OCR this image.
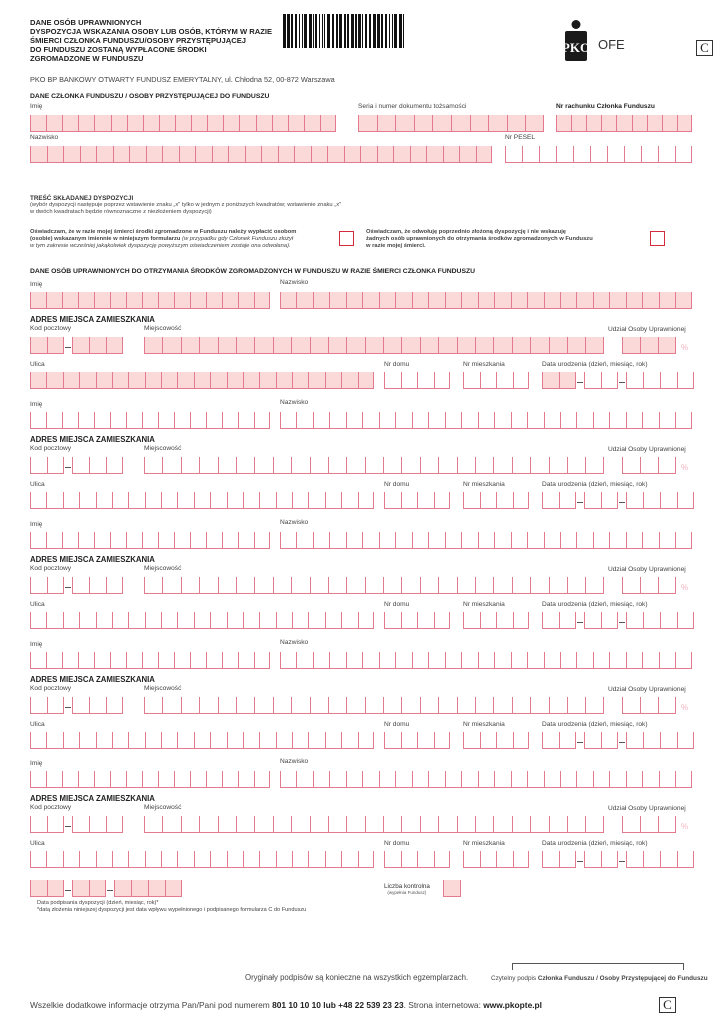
PKO OFE	C
DANE OSÓB UPRAWNIONYCH
DYSPOZYCJA WSKAZANIA OSOBY LUB OSÓB, KTÓRYM W RAZIE
ŚMIERCI CZŁONKA FUNDUSZU/OSOBY PRZYSTĘPUJĄCEJ
DO FUNDUSZU ZOSTANĄ WYPŁACONE ŚRODKI
ZGROMADZONE W FUNDUSZU
PKO BP BANKOWY OTWARTY FUNDUSZ EMERYTALNY, ul. Chłodna 52, 00-872 Warszawa
DANE CZŁONKA FUNDUSZU / OSOBY PRZYSTĘPUJĄCEJ DO FUNDUSZU
Imię	Seria i numer dokumentu tożsamości	Nr rachunku Członka Funduszu
Nazwisko	Nr PESEL
TREŚĆ SKŁADANEJ DYSPOZYCJI
(wybór dyspozycji następuje poprzez wstawienie znaku „x" tylko w jednym z poniższych kwadratów; wstawienie znaku „x"
w dwóch kwadratach będzie równoznaczne z niezłożeniem dyspozycji)
Oświadczam, że w razie mojej śmierci środki zgromadzone w Funduszu należy wypłacić osobom
(osobie) wskazanym imiennie w niniejszym formularzu (w przypadku gdy Członek Funduszu złożył
w tym zakresie wcześniej jakąkolwiek dyspozycję powyższym oświadczeniem zostaje ona odwołana).
Oświadczam, że odwołuję poprzednio złożoną dyspozycję i nie wskazuję
żadnych osób uprawnionych do otrzymania środków zgromadzonych w Funduszu
w razie mojej śmierci.
DANE OSÓB UPRAWNIONYCH DO OTRZYMANIA ŚRODKÓW ZGROMADZONYCH W FUNDUSZU W RAZIE ŚMIERCI CZŁONKA FUNDUSZU
Imię	Nazwisko
ADRES MIEJSCA ZAMIESZKANIA
Kod pocztowy	Miejscowość	Udział Osoby Uprawnionej
%
Ulica	Nr domu	Nr mieszkania	Data urodzenia (dzień, miesiąc, rok)
Imię	Nazwisko
ADRES MIEJSCA ZAMIESZKANIA
Kod pocztowy	Miejscowość	Udział Osoby Uprawnionej
%
Ulica	Nr domu	Nr mieszkania	Data urodzenia (dzień, miesiąc, rok)
Imię	Nazwisko
ADRES MIEJSCA ZAMIESZKANIA
Kod pocztowy	Miejscowość	Udział Osoby Uprawnionej
%
Ulica	Nr domu	Nr mieszkania	Data urodzenia (dzień, miesiąc, rok)
Imię	Nazwisko
ADRES MIEJSCA ZAMIESZKANIA
Kod pocztowy	Miejscowość	Udział Osoby Uprawnionej
%
Ulica	Nr domu	Nr mieszkania	Data urodzenia (dzień, miesiąc, rok)
Imię	Nazwisko
ADRES MIEJSCA ZAMIESZKANIA
Kod pocztowy	Miejscowość	Udział Osoby Uprawnionej
%
Ulica	Nr domu	Nr mieszkania	Data urodzenia (dzień, miesiąc, rok)
Data podpisania dyspozycji (dzień, miesiąc, rok)*
*datą złożenia niniejszej dyspozycji jest data wpływu wypełnionego i podpisanego formularza C do Funduszu
Liczba kontrolna
(wypełnia Fundusz)
Oryginały podpisów są konieczne na wszystkich egzemplarzach.	Czytelny podpis Członka Funduszu / Osoby Przystępującej do Funduszu
Wszelkie dodatkowe informacje otrzyma Pan/Pani pod numerem 801 10 10 10 lub +48 22 539 23 23. Strona internetowa: www.pkopte.pl	C
